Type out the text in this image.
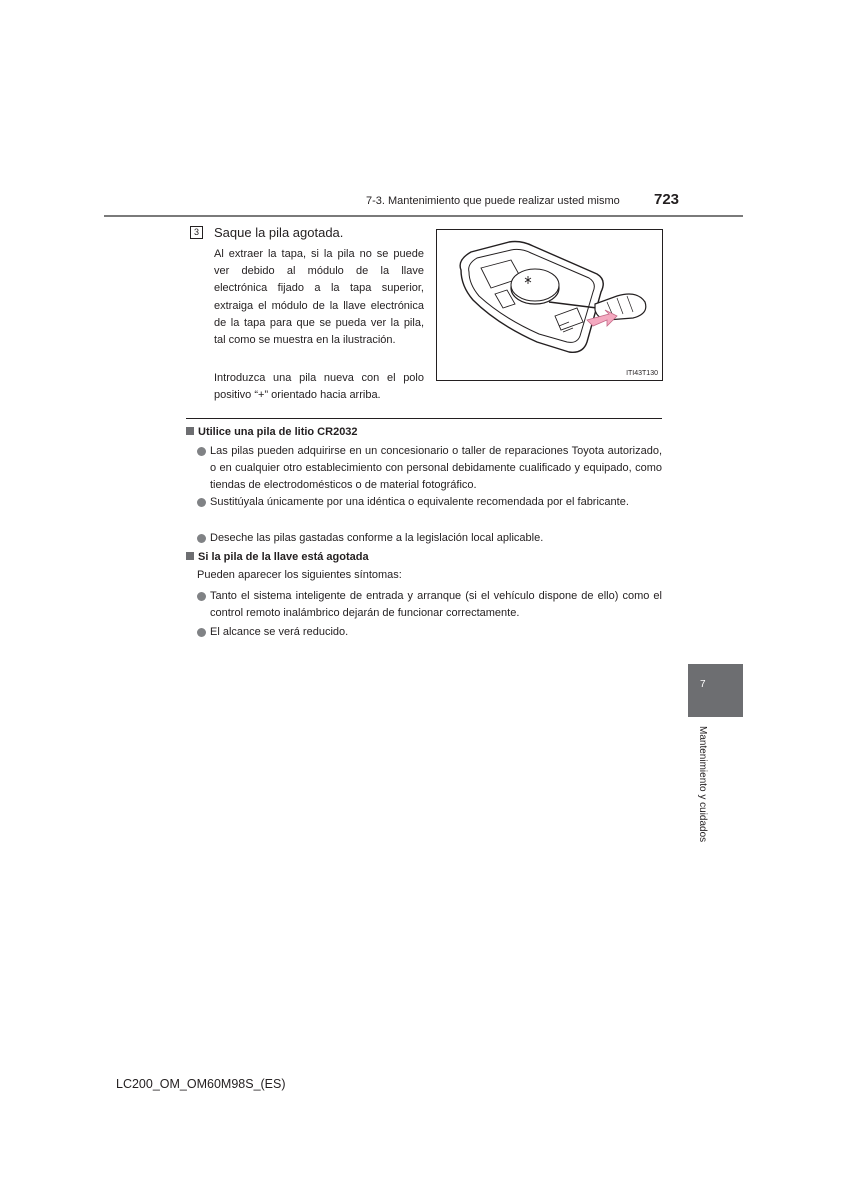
7-3. Mantenimiento que puede realizar usted mismo 723
3	Saque la pila agotada.

Al extraer la tapa, si la pila no se puede ver debido al módulo de la llave electrónica fijado a la tapa superior, extraiga el módulo de la llave electrónica de la tapa para que se pueda ver la pila, tal como se muestra en la ilustración.

Introduzca una pila nueva con el polo positivo “+” orientado hacia arriba.

ITI43T130
Utilice una pila de litio CR2032
Las pilas pueden adquirirse en un concesionario o taller de reparaciones Toyota autorizado, o en cualquier otro establecimiento con personal debidamente cualificado y equipado, como tiendas de electrodomésticos o de material fotográfico.
Sustitúyala únicamente por una idéntica o equivalente recomendada por el fabricante.
Deseche las pilas gastadas conforme a la legislación local aplicable.
Si la pila de la llave está agotada
Pueden aparecer los siguientes síntomas:
Tanto el sistema inteligente de entrada y arranque (si el vehículo dispone de ello) como el control remoto inalámbrico dejarán de funcionar correctamente.
El alcance se verá reducido.
7
Mantenimiento y cuidados
LC200_OM_OM60M98S_(ES)
